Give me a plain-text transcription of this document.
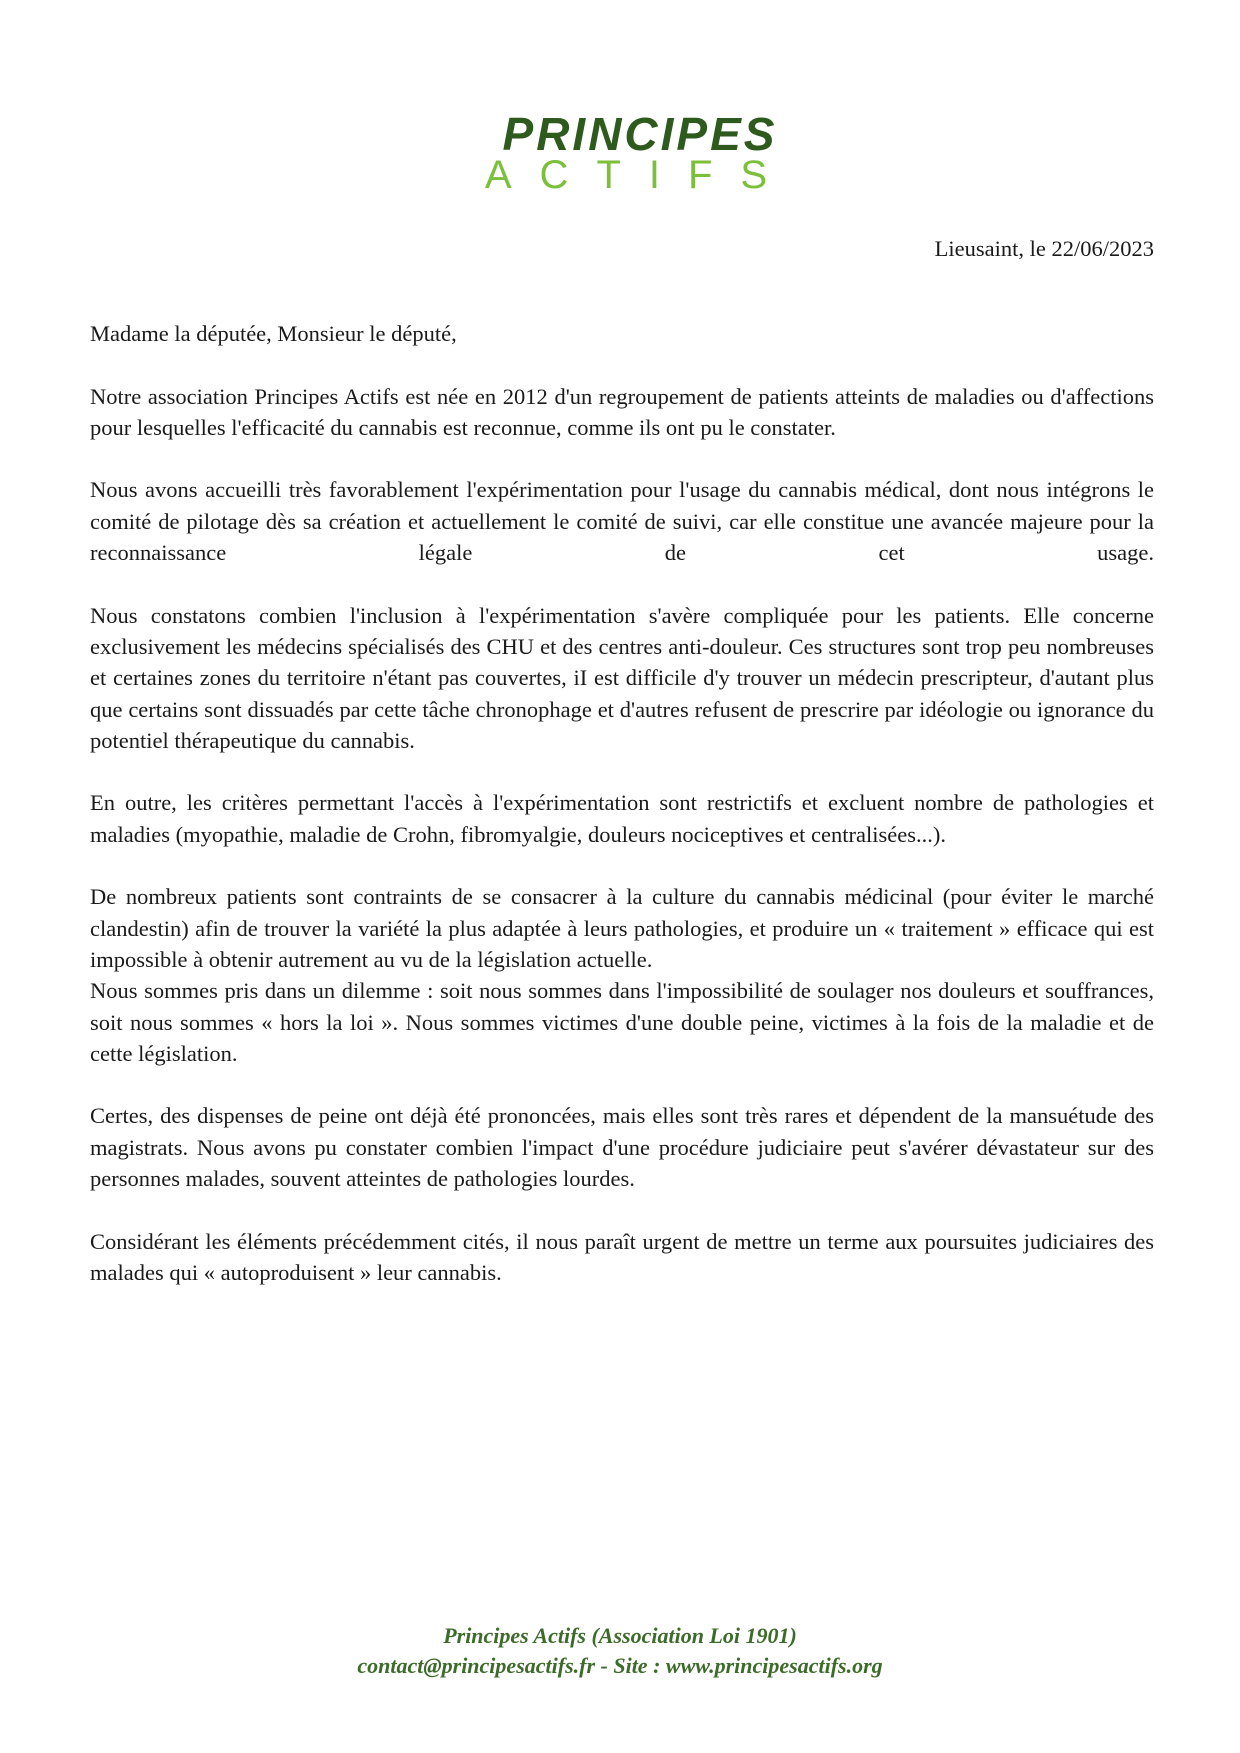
PRINCIPES
ACTIFS
Lieusaint, le 22/06/2023

Madame la députée, Monsieur le député,

Notre association Principes Actifs est née en 2012 d'un regroupement de patients atteints de maladies ou d'affections pour lesquelles l'efficacité du cannabis est reconnue, comme ils ont pu le constater.

Nous avons accueilli très favorablement l'expérimentation pour l'usage du cannabis médical, dont nous intégrons le comité de pilotage dès sa création et actuellement le comité de suivi, car elle constitue une avancée majeure pour la reconnaissance légale de cet usage.

Nous constatons combien l'inclusion à l'expérimentation s'avère compliquée pour les patients. Elle concerne exclusivement les médecins spécialisés des CHU et des centres anti-douleur. Ces structures sont trop peu nombreuses et certaines zones du territoire n'étant pas couvertes, iI est difficile d'y trouver un médecin prescripteur, d'autant plus que certains sont dissuadés par cette tâche chronophage et d'autres refusent de prescrire par idéologie ou ignorance du potentiel thérapeutique du cannabis.

En outre, les critères permettant l'accès à l'expérimentation sont restrictifs et excluent nombre de pathologies et maladies (myopathie, maladie de Crohn, fibromyalgie, douleurs nociceptives et centralisées...).

De nombreux patients sont contraints de se consacrer à la culture du cannabis médicinal (pour éviter le marché clandestin) afin de trouver la variété la plus adaptée à leurs pathologies, et produire un « traitement » efficace qui est impossible à obtenir autrement au vu de la législation actuelle.

Nous sommes pris dans un dilemme : soit nous sommes dans l'impossibilité de soulager nos douleurs et souffrances, soit nous sommes « hors la loi ». Nous sommes victimes d'une double peine, victimes à la fois de la maladie et de cette législation.

Certes, des dispenses de peine ont déjà été prononcées, mais elles sont très rares et dépendent de la mansuétude des magistrats. Nous avons pu constater combien l'impact d'une procédure judiciaire peut s'avérer dévastateur sur des personnes malades, souvent atteintes de pathologies lourdes.

Considérant les éléments précédemment cités, il nous paraît urgent de mettre un terme aux poursuites judiciaires des malades qui « autoproduisent » leur cannabis.

Principes Actifs (Association Loi 1901)
contact@principesactifs.fr - Site : www.principesactifs.org
